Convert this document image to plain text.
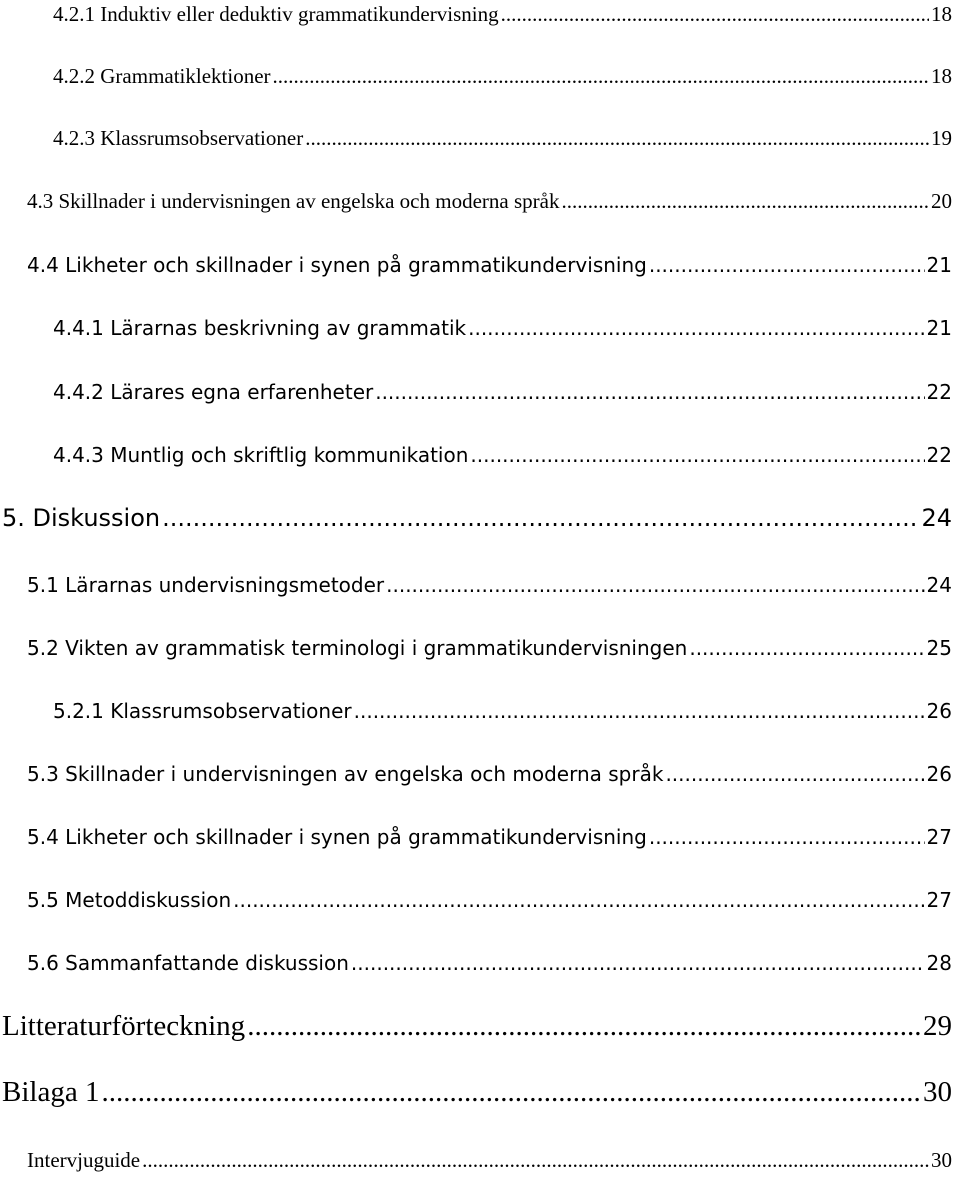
4.2.1 Induktiv eller deduktiv grammatikundervisning .....	18
4.2.2 Grammatiklektioner .....	18
4.2.3 Klassrumsobservationer .....	19
4.3 Skillnader i undervisningen av engelska och moderna språk .....	20
4.4 Likheter och skillnader i synen på grammatikundervisning .....	21
4.4.1 Lärarnas beskrivning av grammatik .....	21
4.4.2 Lärares egna erfarenheter .....	22
4.4.3 Muntlig och skriftlig kommunikation .....	22
5. Diskussion .....	24
5.1 Lärarnas undervisningsmetoder .....	24
5.2 Vikten av grammatisk terminologi i grammatikundervisningen .....	25
5.2.1 Klassrumsobservationer .....	26
5.3 Skillnader i undervisningen av engelska och moderna språk .....	26
5.4 Likheter och skillnader i synen på grammatikundervisning .....	27
5.5 Metoddiskussion .....	27
5.6 Sammanfattande diskussion .....	28
Litteraturförteckning .....	29
Bilaga 1 .....	30
Intervjuguide .....	30
